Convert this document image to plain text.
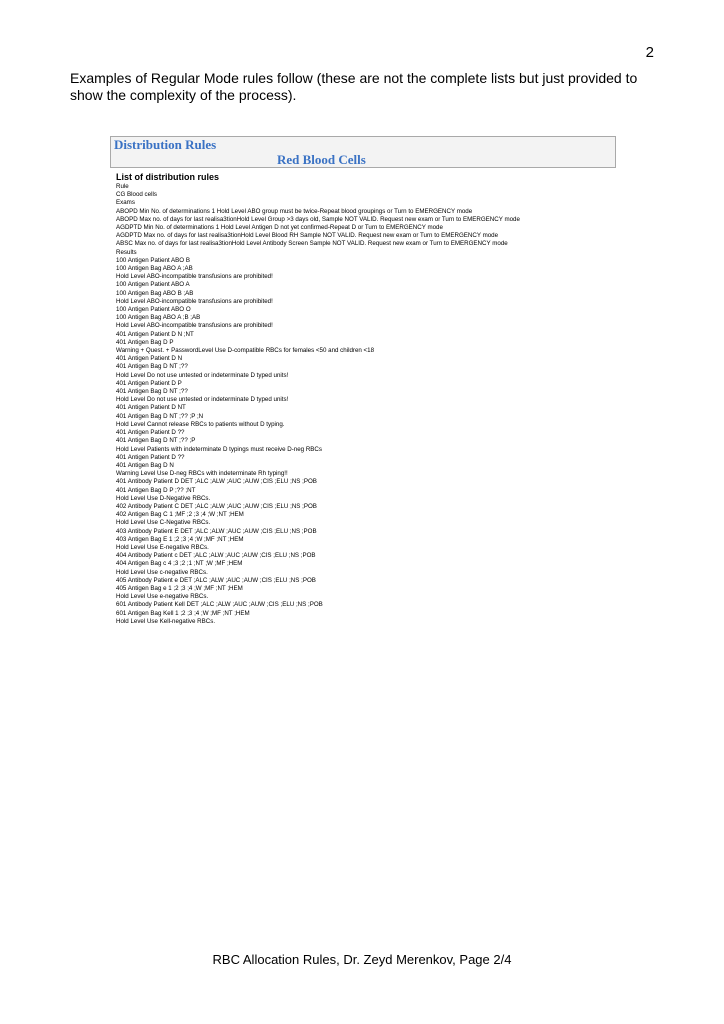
2

Examples of Regular Mode rules follow (these are not the complete lists but just provided to show the complexity of the process).

Distribution Rules
Red Blood Cells
List of distribution rules
Rule
CG Blood cells
Exams
ABOPD Min No. of determinations 1 Hold Level ABO group must be twice-Repeat blood groupings or Turn to EMERGENCY mode
ABOPD Max no. of days for last realisa3tionHold Level Group >3 days old, Sample NOT VALID. Request new exam or Turn to EMERGENCY mode
AGDPTD Min No. of determinations 1 Hold Level Antigen D not yet confirmed-Repeat D or Turn to EMERGENCY mode
AGDPTD Max no. of days for last realisa3tionHold Level Blood RH Sample NOT VALID. Request new exam or Turn to EMERGENCY mode
ABSC Max no. of days for last realisa3tionHold Level Antibody Screen Sample NOT VALID. Request new exam or Turn to EMERGENCY mode
Results
100 Antigen Patient ABO B
100 Antigen Bag ABO A ;AB
Hold Level ABO-incompatible transfusions are prohibited!
100 Antigen Patient ABO A
100 Antigen Bag ABO B ;AB
Hold Level ABO-incompatible transfusions are prohibited!
100 Antigen Patient ABO O
100 Antigen Bag ABO A ;B ;AB
Hold Level ABO-incompatible transfusions are prohibited!
401 Antigen Patient D N ;NT
401 Antigen Bag D P
Warning + Quest. + PasswordLevel Use D-compatible RBCs for females <50 and children <18
401 Antigen Patient D N
401 Antigen Bag D NT ;??
Hold Level Do not use untested or indeterminate D typed units!
401 Antigen Patient D P
401 Antigen Bag D NT ;??
Hold Level Do not use untested or indeterminate D typed units!
401 Antigen Patient D NT
401 Antigen Bag D NT ;?? ;P ;N
Hold Level Cannot release RBCs to patients without D typing.
401 Antigen Patient D ??
401 Antigen Bag D NT ;?? ;P
Hold Level Patients with indeterminate D typings must receive D-neg RBCs
401 Antigen Patient D ??
401 Antigen Bag D N
Warning Level Use D-neg RBCs with indeterminate Rh typing!!
401 Antibody Patient D DET ;ALC ;ALW ;AUC ;AUW ;CIS ;ELU ;NS ;POB
401 Antigen Bag D P ;?? ;NT
Hold Level Use D-Negative RBCs.
402 Antibody Patient C DET ;ALC ;ALW ;AUC ;AUW ;CIS ;ELU ;NS ;POB
402 Antigen Bag C 1 ;MF ;2 ;3 ;4 ;W ;NT ;HEM
Hold Level Use C-Negative RBCs.
403 Antibody Patient E DET ;ALC ;ALW ;AUC ;AUW ;CIS ;ELU ;NS ;POB
403 Antigen Bag E 1 ;2 ;3 ;4 ;W ;MF ;NT ;HEM
Hold Level Use E-negative RBCs.
404 Antibody Patient c DET ;ALC ;ALW ;AUC ;AUW ;CIS ;ELU ;NS ;POB
404 Antigen Bag c 4 ;3 ;2 ;1 ;NT ;W ;MF ;HEM
Hold Level Use c-negative RBCs.
405 Antibody Patient e DET ;ALC ;ALW ;AUC ;AUW ;CIS ;ELU ;NS ;POB
405 Antigen Bag e 1 ;2 ;3 ;4 ;W ;MF ;NT ;HEM
Hold Level Use e-negative RBCs.
601 Antibody Patient Kell DET ;ALC ;ALW ;AUC ;AUW ;CIS ;ELU ;NS ;POB
601 Antigen Bag Kell 1 ;2 ;3 ;4 ;W ;MF ;NT ;HEM
Hold Level Use Kell-negative RBCs.
RBC Allocation Rules, Dr. Zeyd Merenkov, Page 2/4
